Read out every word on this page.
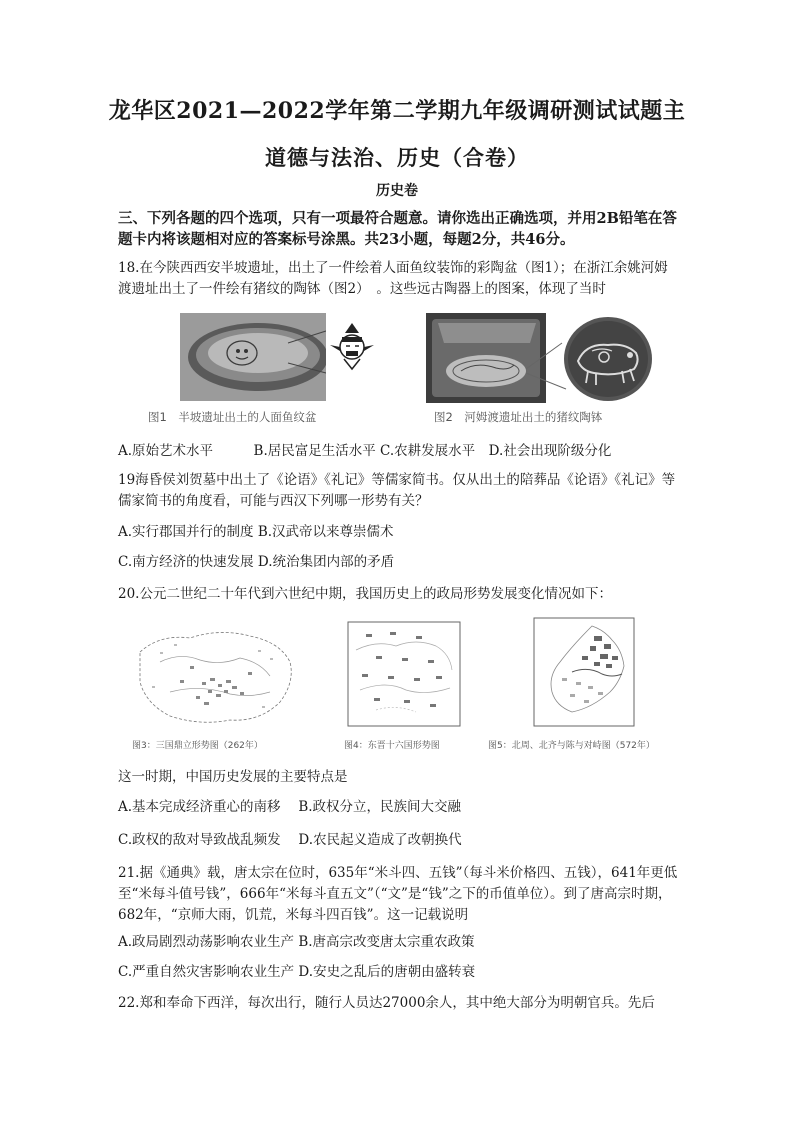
龙华区2021—2022学年第二学期九年级调研测试试题主
道德与法治、历史（合卷）
历史卷
三、下列各题的四个选项，只有一项最符合题意。请你选出正确选项，并用2B铅笔在答题卡内将该题相对应的答案标号涂黑。共23小题，每题2分，共46分。
18.在今陕西西安半坡遗址，出土了一件绘着人面鱼纹装饰的彩陶盆（图1）；在浙江余姚河姆渡遗址出土了一件绘有猪纹的陶钵（图2）　。这些远古陶器上的图案，体现了当时
图1　半坡遗址出土的人面鱼纹盆	图2　河姆渡遗址出土的猪纹陶钵
A.原始艺术水平　　　B.居民富足生活水平 C.农耕发展水平　D.社会出现阶级分化
19海昏侯刘贺墓中出土了《论语》《礼记》等儒家简书。仅从出土的陪葬品《论语》《礼记》等儒家简书的角度看，可能与西汉下列哪一形势有关？
A.实行郡国并行的制度 B.汉武帝以来尊崇儒术
C.南方经济的快速发展 D.统治集团内部的矛盾
20.公元二世纪二十年代到六世纪中期，我国历史上的政局形势发展变化情况如下：
图3：三国鼎立形势图（262年）	图4：东晋十六国形势图	图5：北周、北齐与陈与对峙图（572年）
这一时期，中国历史发展的主要特点是
A.基本完成经济重心的南移　 B.政权分立，民族间大交融
C.政权的敌对导致战乱频发　 D.农民起义造成了改朝换代
21.据《通典》载，唐太宗在位时，635年“米斗四、五钱”（每斗米价格四、五钱），641年更低至“米每斗值号钱”，666年“米每斗直五文”（“文”是“钱”之下的币值单位）。到了唐高宗时期，682年，“京师大雨，饥荒，米每斗四百钱”。这一记载说明
A.政局剧烈动荡影响农业生产 B.唐高宗改变唐太宗重农政策
C.严重自然灾害影响农业生产 D.安史之乱后的唐朝由盛转衰
22.郑和奉命下西洋，每次出行，随行人员达27000余人，其中绝大部分为明朝官兵。先后
